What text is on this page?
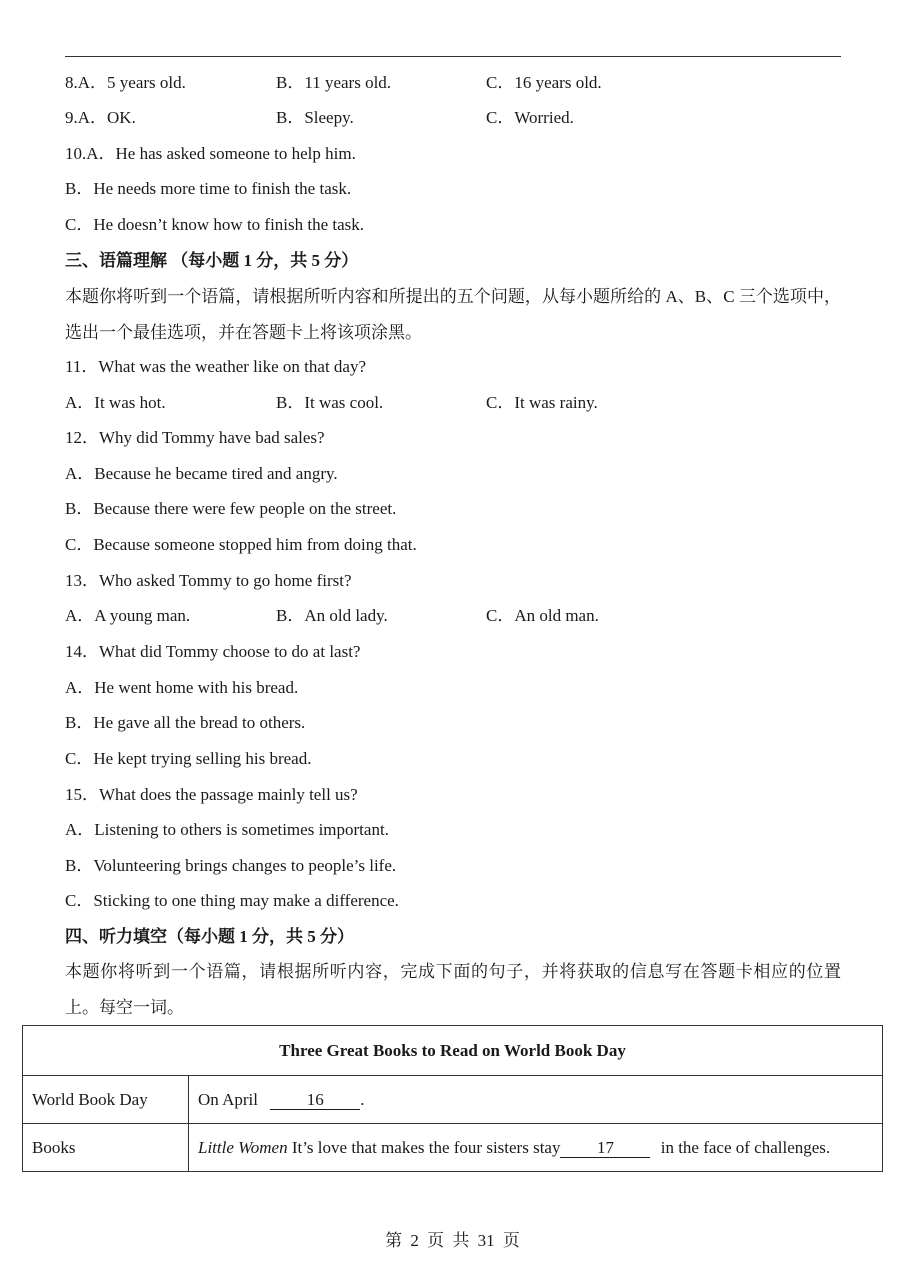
8.A．5 years old.	B．11 years old.	C．16 years old.
9.A．OK.	B．Sleepy.	C．Worried.
10.A．He has asked someone to help him.
B．He needs more time to finish the task.
C．He doesn’t know how to finish the task.
三、语篇理解 （每小题 1 分，共 5 分）
本题你将听到一个语篇，请根据所听内容和所提出的五个问题，从每小题所给的 A、B、C 三个选项中，选出一个最佳选项，并在答题卡上将该项涂黑。
11．What was the weather like on that day?
A．It was hot.	B．It was cool.	C．It was rainy.
12．Why did Tommy have bad sales?
A．Because he became tired and angry.
B．Because there were few people on the street.
C．Because someone stopped him from doing that.
13．Who asked Tommy to go home first?
A．A young man.	B．An old lady.	C．An old man.
14．What did Tommy choose to do at last?
A．He went home with his bread.
B．He gave all the bread to others.
C．He kept trying selling his bread.
15．What does the passage mainly tell us?
A．Listening to others is sometimes important.
B．Volunteering brings changes to people’s life.
C．Sticking to one thing may make a difference.
四、听力填空（每小题 1 分，共 5 分）
本题你将听到一个语篇，请根据所听内容，完成下面的句子，并将获取的信息写在答题卡相应的位置上。每空一词。
Three Great Books to Read on World Book Day	
World Book Day	On April 16 .
Books	Little Women It’s love that makes the four sisters stay 17 in the face of challenges.
第 2 页 共 31 页
